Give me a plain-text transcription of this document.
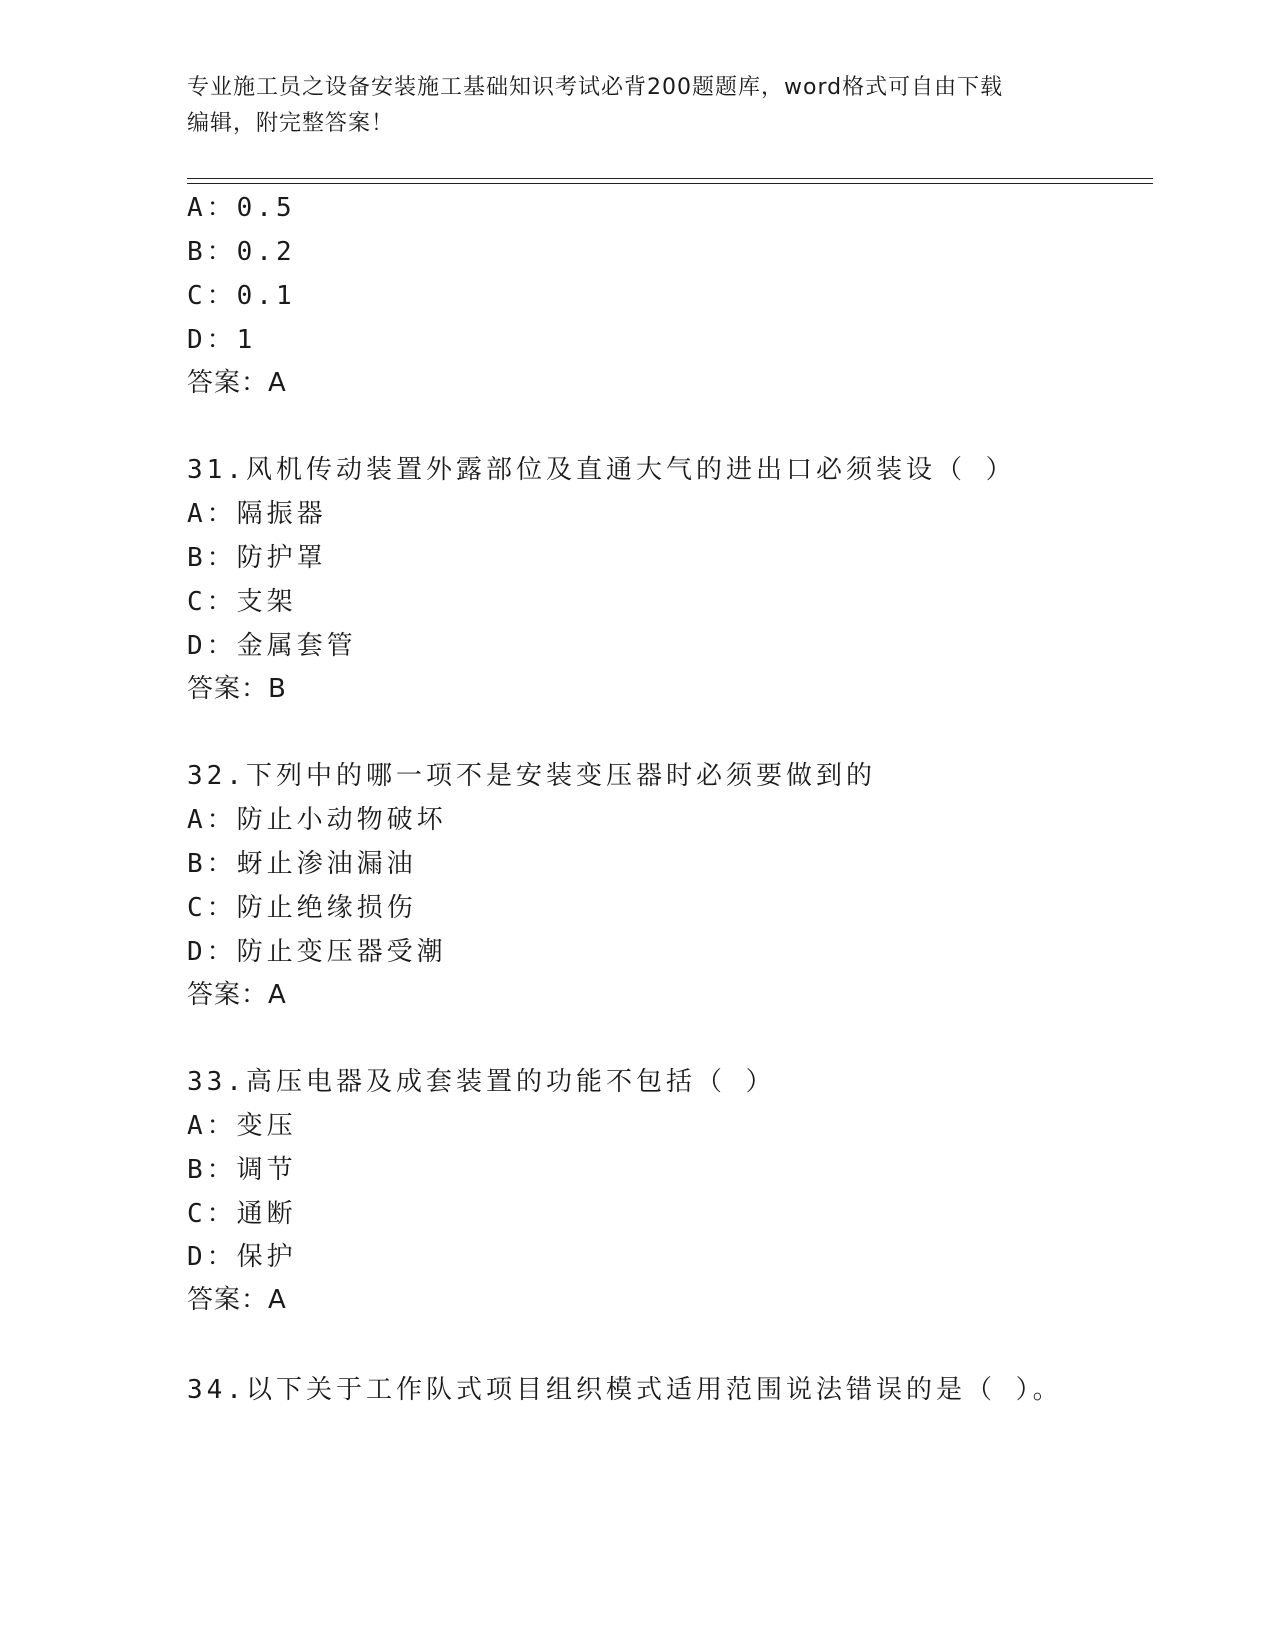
专业施工员之设备安装施工基础知识考试必背200题题库，word格式可自由下载
编辑，附完整答案！
A：0.5
B：0.2
C：0.1
D：1
答案：A
31.风机传动装置外露部位及直通大气的进出口必须装设（ ）
A：隔振器
B：防护罩
C：支架
D：金属套管
答案：B
32.下列中的哪一项不是安装变压器时必须要做到的
A：防止小动物破坏
B：蚜止渗油漏油
C：防止绝缘损伤
D：防止变压器受潮
答案：A
33.高压电器及成套装置的功能不包括（ ）
A：变压
B：调节
C：通断
D：保护
答案：A
34.以下关于工作队式项目组织模式适用范围说法错误的是（ ）。
